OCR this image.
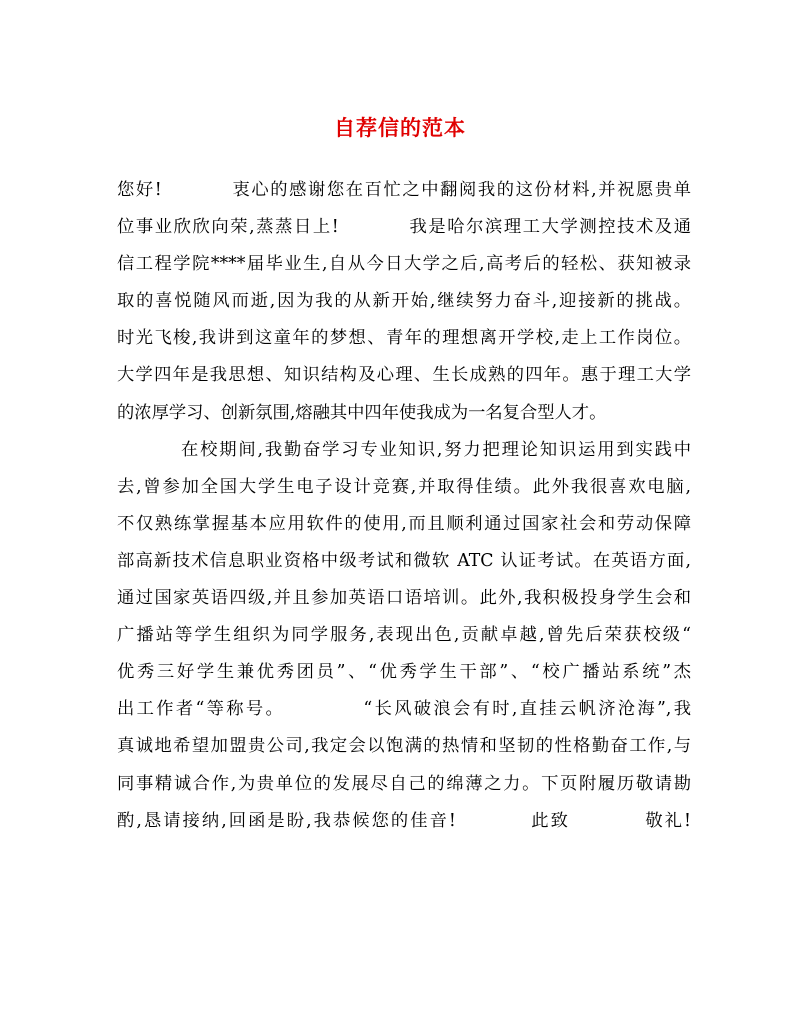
自荐信的范本
您好!          衷心的感谢您在百忙之中翻阅我的这份材料,并祝愿贵单
位事业欣欣向荣,蒸蒸日上!          我是哈尔滨理工大学测控技术及通
信工程学院****届毕业生,自从今日大学之后,高考后的轻松、获知被录
取的喜悦随风而逝,因为我的从新开始,继续努力奋斗,迎接新的挑战。
时光飞梭,我讲到这童年的梦想、青年的理想离开学校,走上工作岗位。
大学四年是我思想、知识结构及心理、生长成熟的四年。惠于理工大学
的浓厚学习、创新氛围,熔融其中四年使我成为一名复合型人才。
在校期间,我勤奋学习专业知识,努力把理论知识运用到实践中
去,曾参加全国大学生电子设计竞赛,并取得佳绩。此外我很喜欢电脑,
不仅熟练掌握基本应用软件的使用,而且顺利通过国家社会和劳动保障
部高新技术信息职业资格中级考试和微软 ATC 认证考试。在英语方面,
通过国家英语四级,并且参加英语口语培训。此外,我积极投身学生会和
广播站等学生组织为同学服务,表现出色,贡献卓越,曾先后荣获校级“
优秀三好学生兼优秀团员”、“优秀学生干部”、“校广播站系统”杰
出工作者“等称号。          “长风破浪会有时,直挂云帆济沧海”,我
真诚地希望加盟贵公司,我定会以饱满的热情和坚韧的性格勤奋工作,与
同事精诚合作,为贵单位的发展尽自己的绵薄之力。下页附履历敬请勘
酌,恳请接纳,回函是盼,我恭候您的佳音!          此致          敬礼!
